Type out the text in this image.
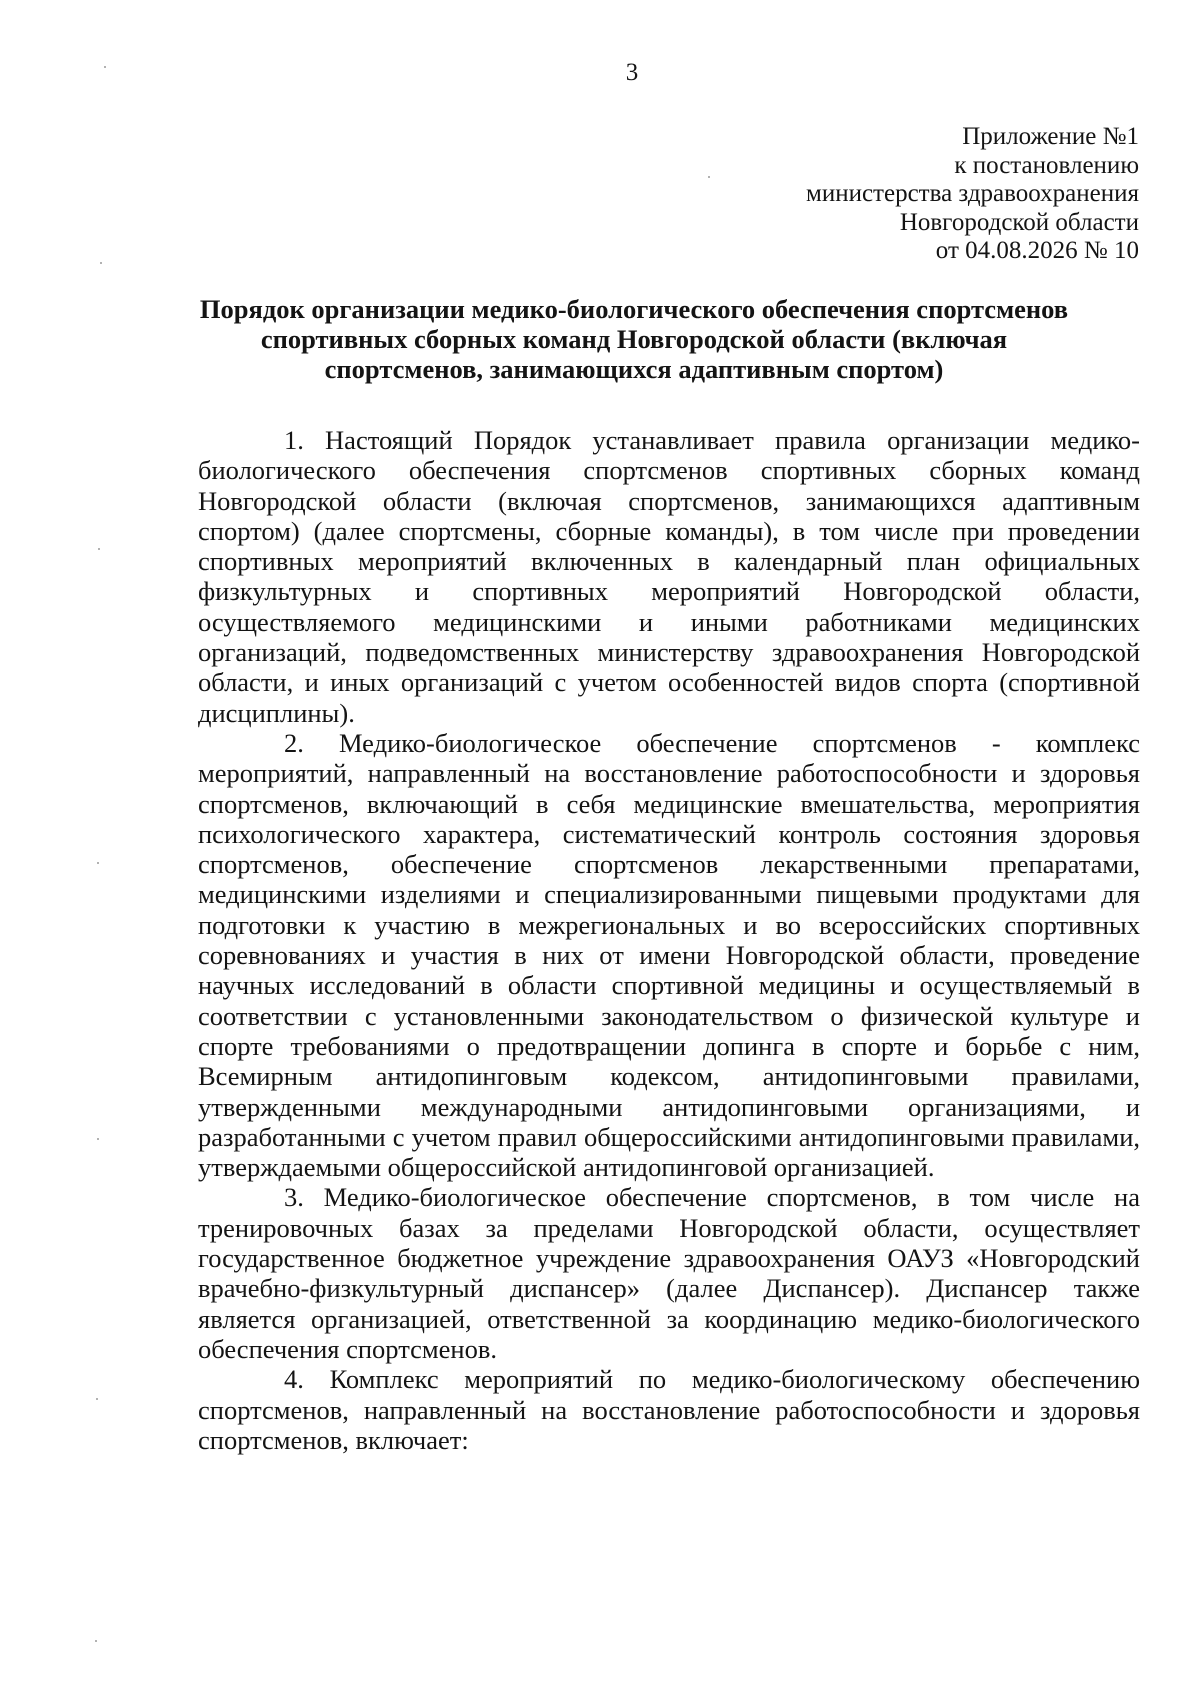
3
Приложение №1
к постановлению
министерства здравоохранения
Новгородской области
от 04.08.2026 № 10
Порядок организации медико-биологического обеспечения спортсменов
спортивных сборных команд Новгородской области (включая
спортсменов, занимающихся адаптивным спортом)

1. Настоящий Порядок устанавливает правила организации медико-биологического обеспечения спортсменов спортивных сборных команд Новгородской области (включая спортсменов, занимающихся адаптивным спортом) (далее спортсмены, сборные команды), в том числе при проведении спортивных мероприятий включенных в календарный план официальных физкультурных и спортивных мероприятий Новгородской области, осуществляемого медицинскими и иными работниками медицинских организаций, подведомственных министерству здравоохранения Новгородской области, и иных организаций с учетом особенностей видов спорта (спортивной дисциплины).

2. Медико-биологическое обеспечение спортсменов - комплекс мероприятий, направленный на восстановление работоспособности и здоровья спортсменов, включающий в себя медицинские вмешательства, мероприятия психологического характера, систематический контроль состояния здоровья спортсменов, обеспечение спортсменов лекарственными препаратами, медицинскими изделиями и специализированными пищевыми продуктами для подготовки к участию в межрегиональных и во всероссийских спортивных соревнованиях и участия в них от имени Новгородской области, проведение научных исследований в области спортивной медицины и осуществляемый в соответствии с установленными законодательством о физической культуре и спорте требованиями о предотвращении допинга в спорте и борьбе с ним, Всемирным антидопинговым кодексом, антидопинговыми правилами, утвержденными международными антидопинговыми организациями, и разработанными с учетом правил общероссийскими антидопинговыми правилами, утверждаемыми общероссийской антидопинговой организацией.

3. Медико-биологическое обеспечение спортсменов, в том числе на тренировочных базах за пределами Новгородской области, осуществляет государственное бюджетное учреждение здравоохранения ОАУЗ «Новгородский врачебно-физкультурный диспансер» (далее Диспансер). Диспансер также является организацией, ответственной за координацию медико-биологического обеспечения спортсменов.

4. Комплекс мероприятий по медико-биологическому обеспечению спортсменов, направленный на восстановление работоспособности и здоровья спортсменов, включает:
